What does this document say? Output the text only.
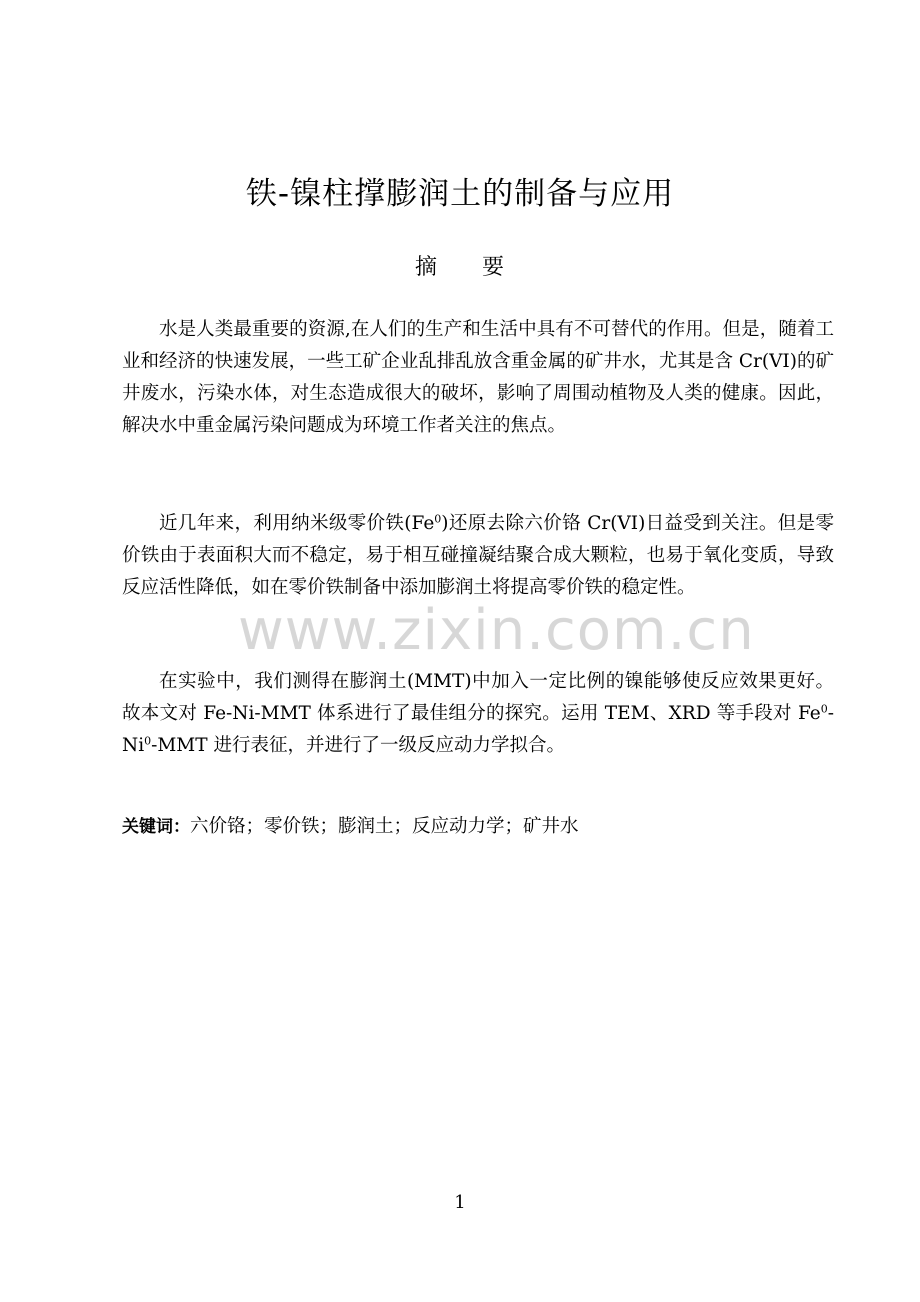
铁-镍柱撑膨润土的制备与应用
摘 要

水是人类最重要的资源,在人们的生产和生活中具有不可替代的作用。但是，随着工业和经济的快速发展，一些工矿企业乱排乱放含重金属的矿井水，尤其是含 Cr(VI)的矿井废水，污染水体，对生态造成很大的破坏，影响了周围动植物及人类的健康。因此，解决水中重金属污染问题成为环境工作者关注的焦点。

近几年来，利用纳米级零价铁(Fe$^0$)还原去除六价铬 Cr(VI)日益受到关注。但是零价铁由于表面积大而不稳定，易于相互碰撞凝结聚合成大颗粒，也易于氧化变质，导致反应活性降低，如在零价铁制备中添加膨润土将提高零价铁的稳定性。

在实验中，我们测得在膨润土(MMT)中加入一定比例的镍能够使反应效果更好。故本文对 Fe-Ni-MMT 体系进行了最佳组分的探究。运用 TEM、XRD 等手段对 Fe$^0$-Ni$^0$-MMT 进行表征，并进行了一级反应动力学拟合。

关键词：六价铬；零价铁；膨润土；反应动力学；矿井水
www.zixin.com.cn
1
